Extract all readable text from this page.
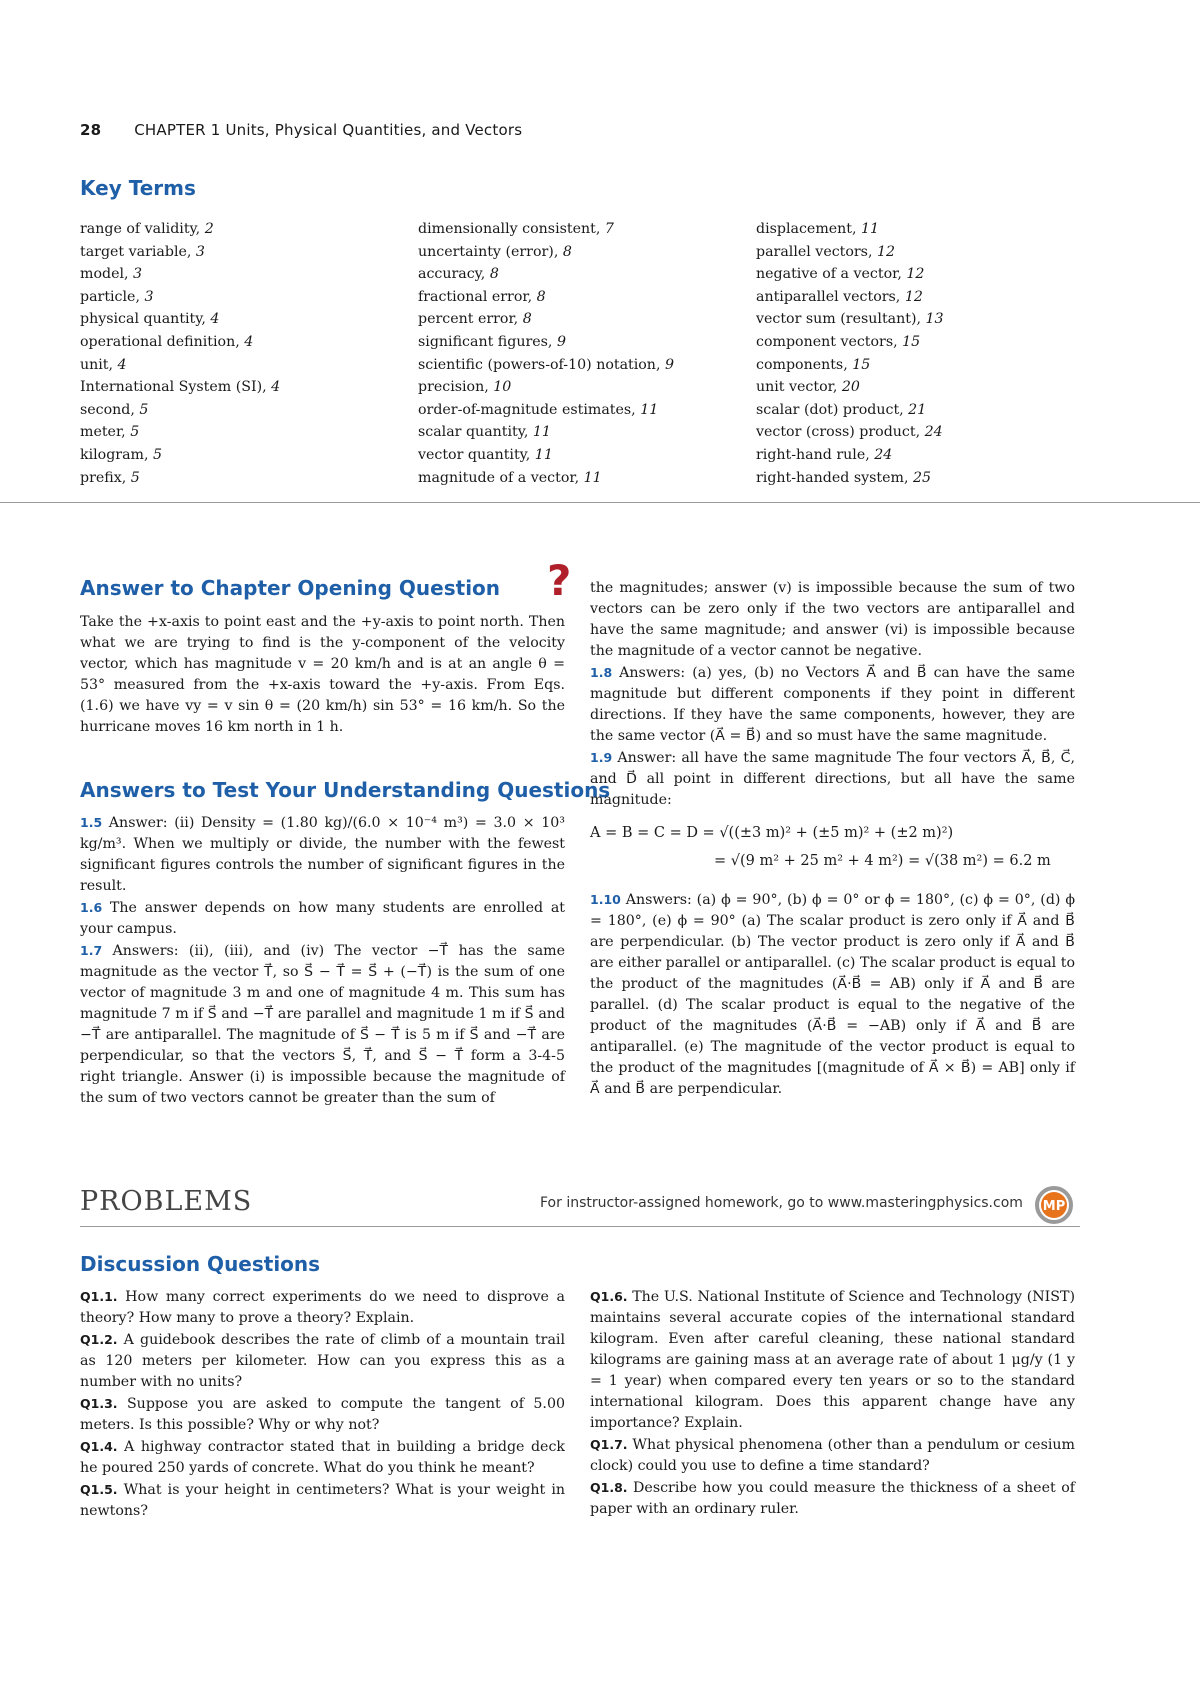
28 CHAPTER 1 Units, Physical Quantities, and Vectors
Key Terms
range of validity, 2
target variable, 3
model, 3
particle, 3
physical quantity, 4
operational definition, 4
unit, 4
International System (SI), 4
second, 5
meter, 5
kilogram, 5
prefix, 5
dimensionally consistent, 7
uncertainty (error), 8
accuracy, 8
fractional error, 8
percent error, 8
significant figures, 9
scientific (powers-of-10) notation, 9
precision, 10
order-of-magnitude estimates, 11
scalar quantity, 11
vector quantity, 11
magnitude of a vector, 11
displacement, 11
parallel vectors, 12
negative of a vector, 12
antiparallel vectors, 12
vector sum (resultant), 13
component vectors, 15
components, 15
unit vector, 20
scalar (dot) product, 21
vector (cross) product, 24
right-hand rule, 24
right-handed system, 25
Answer to Chapter Opening Question ?

Take the +x-axis to point east and the +y-axis to point north. Then what we are trying to find is the y-component of the velocity vector, which has magnitude v = 20 km/h and is at an angle θ = 53° measured from the +x-axis toward the +y-axis. From Eqs. (1.6) we have vy = v sin θ = (20 km/h) sin 53° = 16 km/h. So the hurricane moves 16 km north in 1 h.

Answers to Test Your Understanding Questions

1.5 Answer: (ii) Density = (1.80 kg)/(6.0 × 10⁻⁴ m³) = 3.0 × 10³ kg/m³. When we multiply or divide, the number with the fewest significant figures controls the number of significant figures in the result.

1.6 The answer depends on how many students are enrolled at your campus.

1.7 Answers: (ii), (iii), and (iv) The vector −T⃗ has the same magnitude as the vector T⃗, so S⃗ − T⃗ = S⃗ + (−T⃗) is the sum of one vector of magnitude 3 m and one of magnitude 4 m. This sum has magnitude 7 m if S⃗ and −T⃗ are parallel and magnitude 1 m if S⃗ and −T⃗ are antiparallel. The magnitude of S⃗ − T⃗ is 5 m if S⃗ and −T⃗ are perpendicular, so that the vectors S⃗, T⃗, and S⃗ − T⃗ form a 3-4-5 right triangle. Answer (i) is impossible because the magnitude of the sum of two vectors cannot be greater than the sum of

the magnitudes; answer (v) is impossible because the sum of two vectors can be zero only if the two vectors are antiparallel and have the same magnitude; and answer (vi) is impossible because the magnitude of a vector cannot be negative.

1.8 Answers: (a) yes, (b) no Vectors A⃗ and B⃗ can have the same magnitude but different components if they point in different directions. If they have the same components, however, they are the same vector (A⃗ = B⃗) and so must have the same magnitude.

1.9 Answer: all have the same magnitude The four vectors A⃗, B⃗, C⃗, and D⃗ all point in different directions, but all have the same magnitude:

A = B = C = D = √((±3 m)² + (±5 m)² + (±2 m)²)
= √(9 m² + 25 m² + 4 m²) = √(38 m²) = 6.2 m

1.10 Answers: (a) ϕ = 90°, (b) ϕ = 0° or ϕ = 180°, (c) ϕ = 0°, (d) ϕ = 180°, (e) ϕ = 90° (a) The scalar product is zero only if A⃗ and B⃗ are perpendicular. (b) The vector product is zero only if A⃗ and B⃗ are either parallel or antiparallel. (c) The scalar product is equal to the product of the magnitudes (A⃗·B⃗ = AB) only if A⃗ and B⃗ are parallel. (d) The scalar product is equal to the negative of the product of the magnitudes (A⃗·B⃗ = −AB) only if A⃗ and B⃗ are antiparallel. (e) The magnitude of the vector product is equal to the product of the magnitudes [(magnitude of A⃗ × B⃗) = AB] only if A⃗ and B⃗ are perpendicular.

PROBLEMS	For instructor-assigned homework, go to www.masteringphysics.com MP
Discussion Questions

Q1.1. How many correct experiments do we need to disprove a theory? How many to prove a theory? Explain.

Q1.2. A guidebook describes the rate of climb of a mountain trail as 120 meters per kilometer. How can you express this as a number with no units?

Q1.3. Suppose you are asked to compute the tangent of 5.00 meters. Is this possible? Why or why not?

Q1.4. A highway contractor stated that in building a bridge deck he poured 250 yards of concrete. What do you think he meant?

Q1.5. What is your height in centimeters? What is your weight in newtons?

Q1.6. The U.S. National Institute of Science and Technology (NIST) maintains several accurate copies of the international standard kilogram. Even after careful cleaning, these national standard kilograms are gaining mass at an average rate of about 1 μg/y (1 y = 1 year) when compared every ten years or so to the standard international kilogram. Does this apparent change have any importance? Explain.

Q1.7. What physical phenomena (other than a pendulum or cesium clock) could you use to define a time standard?

Q1.8. Describe how you could measure the thickness of a sheet of paper with an ordinary ruler.
